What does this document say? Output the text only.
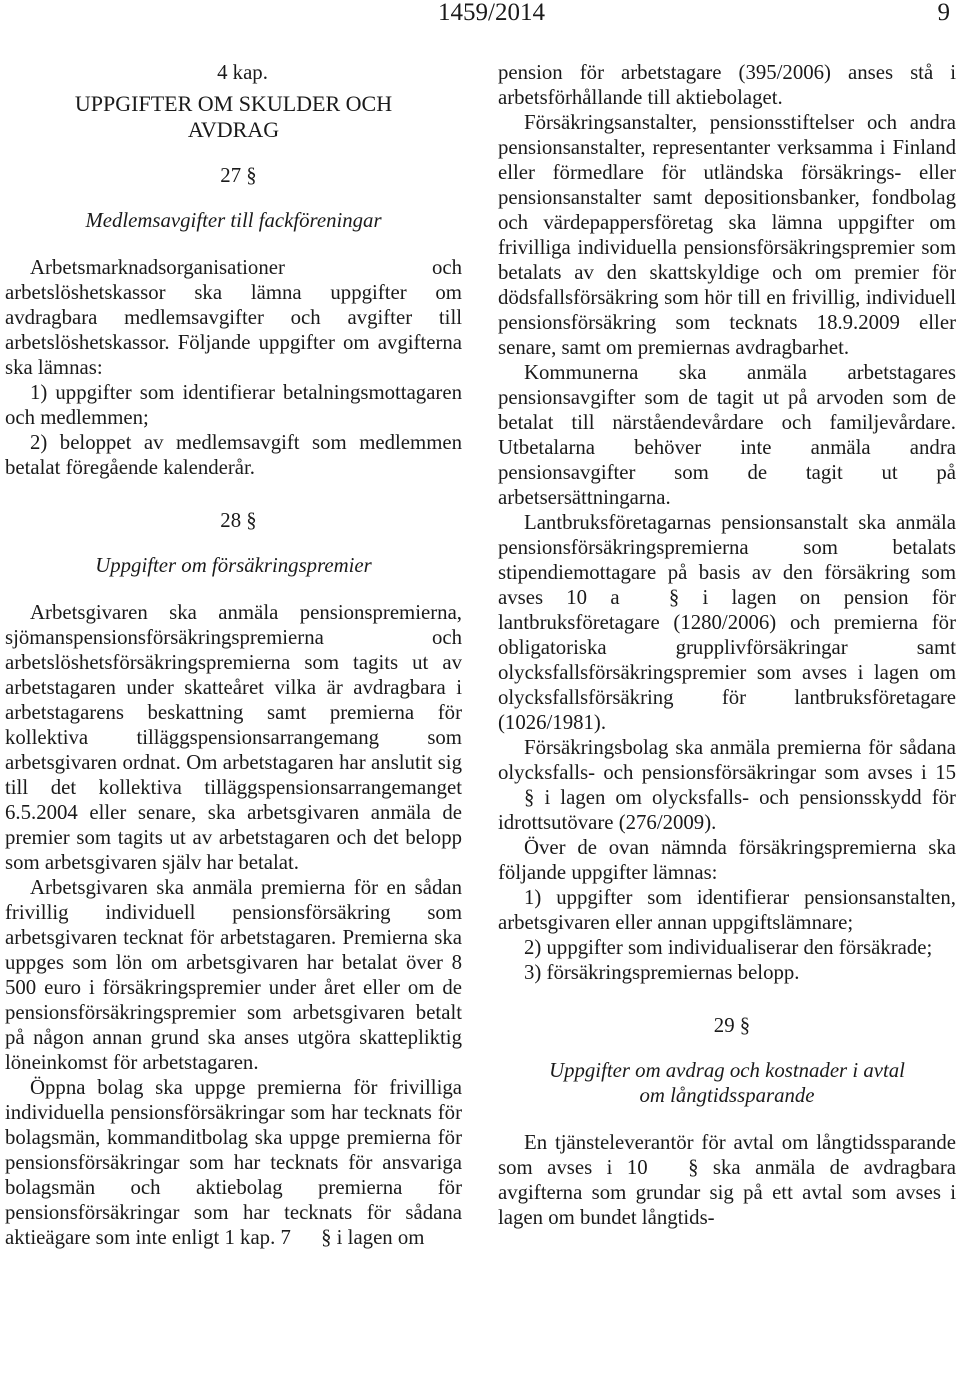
1459/2014	9
4 kap.
UPPGIFTER OM SKULDER OCH
AVDRAG
27 §
Medlemsavgifter till fackföreningar

Arbetsmarknadsorganisationer och arbetslöshetskassor ska lämna uppgifter om avdragbara medlemsavgifter och avgifter till arbetslöshetskassor. Följande uppgifter om avgifterna ska lämnas:

1) uppgifter som identifierar betalningsmottagaren och medlemmen;

2) beloppet av medlemsavgift som medlemmen betalat föregående kalenderår.

28 §
Uppgifter om försäkringspremier

Arbetsgivaren ska anmäla pensionspremierna, sjömanspensionsförsäkringspremierna och arbetslöshetsförsäkringspremierna som tagits ut av arbetstagaren under skatteåret vilka är avdragbara i arbetstagarens beskattning samt premierna för kollektiva tilläggspensionsarrangemang som arbetsgivaren ordnat. Om arbetstagaren har anslutit sig till det kollektiva tilläggspensionsarrangemanget 6.5.2004 eller senare, ska arbetsgivaren anmäla de premier som tagits ut av arbetstagaren och det belopp som arbetsgivaren själv har betalat.

Arbetsgivaren ska anmäla premierna för en sådan frivillig individuell pensionsförsäkring som arbetsgivaren tecknat för arbetstagaren. Premierna ska uppges som lön om arbetsgivaren har betalat över 8 500 euro i försäkringspremier under året eller om de pensionsförsäkringspremier som arbetsgivaren betalt på någon annan grund ska anses utgöra skattepliktig löneinkomst för arbetstagaren.

Öppna bolag ska uppge premierna för frivilliga individuella pensionsförsäkringar som har tecknats för bolagsmän, kommanditbolag ska uppge premierna för pensionsförsäkringar som har tecknats för ansvariga bolagsmän och aktiebolag premierna för pensionsförsäkringar som har tecknats för sådana aktieägare som inte enligt 1 kap. 7 § i lagen om

pension för arbetstagare (395/2006) anses stå i arbetsförhållande till aktiebolaget.

Försäkringsanstalter, pensionsstiftelser och andra pensionsanstalter, representanter verksamma i Finland eller förmedlare för utländska försäkrings- eller pensionsanstalter samt depositionsbanker, fondbolag och värdepappersföretag ska lämna uppgifter om frivilliga individuella pensionsförsäkringspremier som betalats av den skattskyldige och om premier för dödsfallsförsäkring som hör till en frivillig, individuell pensionsförsäkring som tecknats 18.9.2009 eller senare, samt om premiernas avdragbarhet.

Kommunerna ska anmäla arbetstagares pensionsavgifter som de tagit ut på arvoden som de betalat till närståendevårdare och familjevårdare. Utbetalarna behöver inte anmäla andra pensionsavgifter som de tagit ut på arbetsersättningarna.

Lantbruksföretagarnas pensionsanstalt ska anmäla pensionsförsäkringspremierna som betalats stipendiemottagare på basis av den försäkring som avses 10 a § i lagen on pension för lantbruksföretagare (1280/2006) och premierna för obligatoriska grupplivförsäkringar samt olycksfallsförsäkringspremier som avses i lagen om olycksfallsförsäkring för lantbruksföretagare (1026/1981).

Försäkringsbolag ska anmäla premierna för sådana olycksfalls- och pensionsförsäkringar som avses i 15 § i lagen om olycksfalls- och pensionsskydd för idrottsutövare (276/2009).

Över de ovan nämnda försäkringspremierna ska följande uppgifter lämnas:

1) uppgifter som identifierar pensionsanstalten, arbetsgivaren eller annan uppgiftslämnare;

2) uppgifter som individualiserar den försäkrade;

3) försäkringspremiernas belopp.

29 §
Uppgifter om avdrag och kostnader i avtal
om långtidssparande

En tjänsteleverantör för avtal om långtidssparande som avses i 10 § ska anmäla de avdragbara avgifterna som grundar sig på ett avtal som avses i lagen om bundet långtids-
